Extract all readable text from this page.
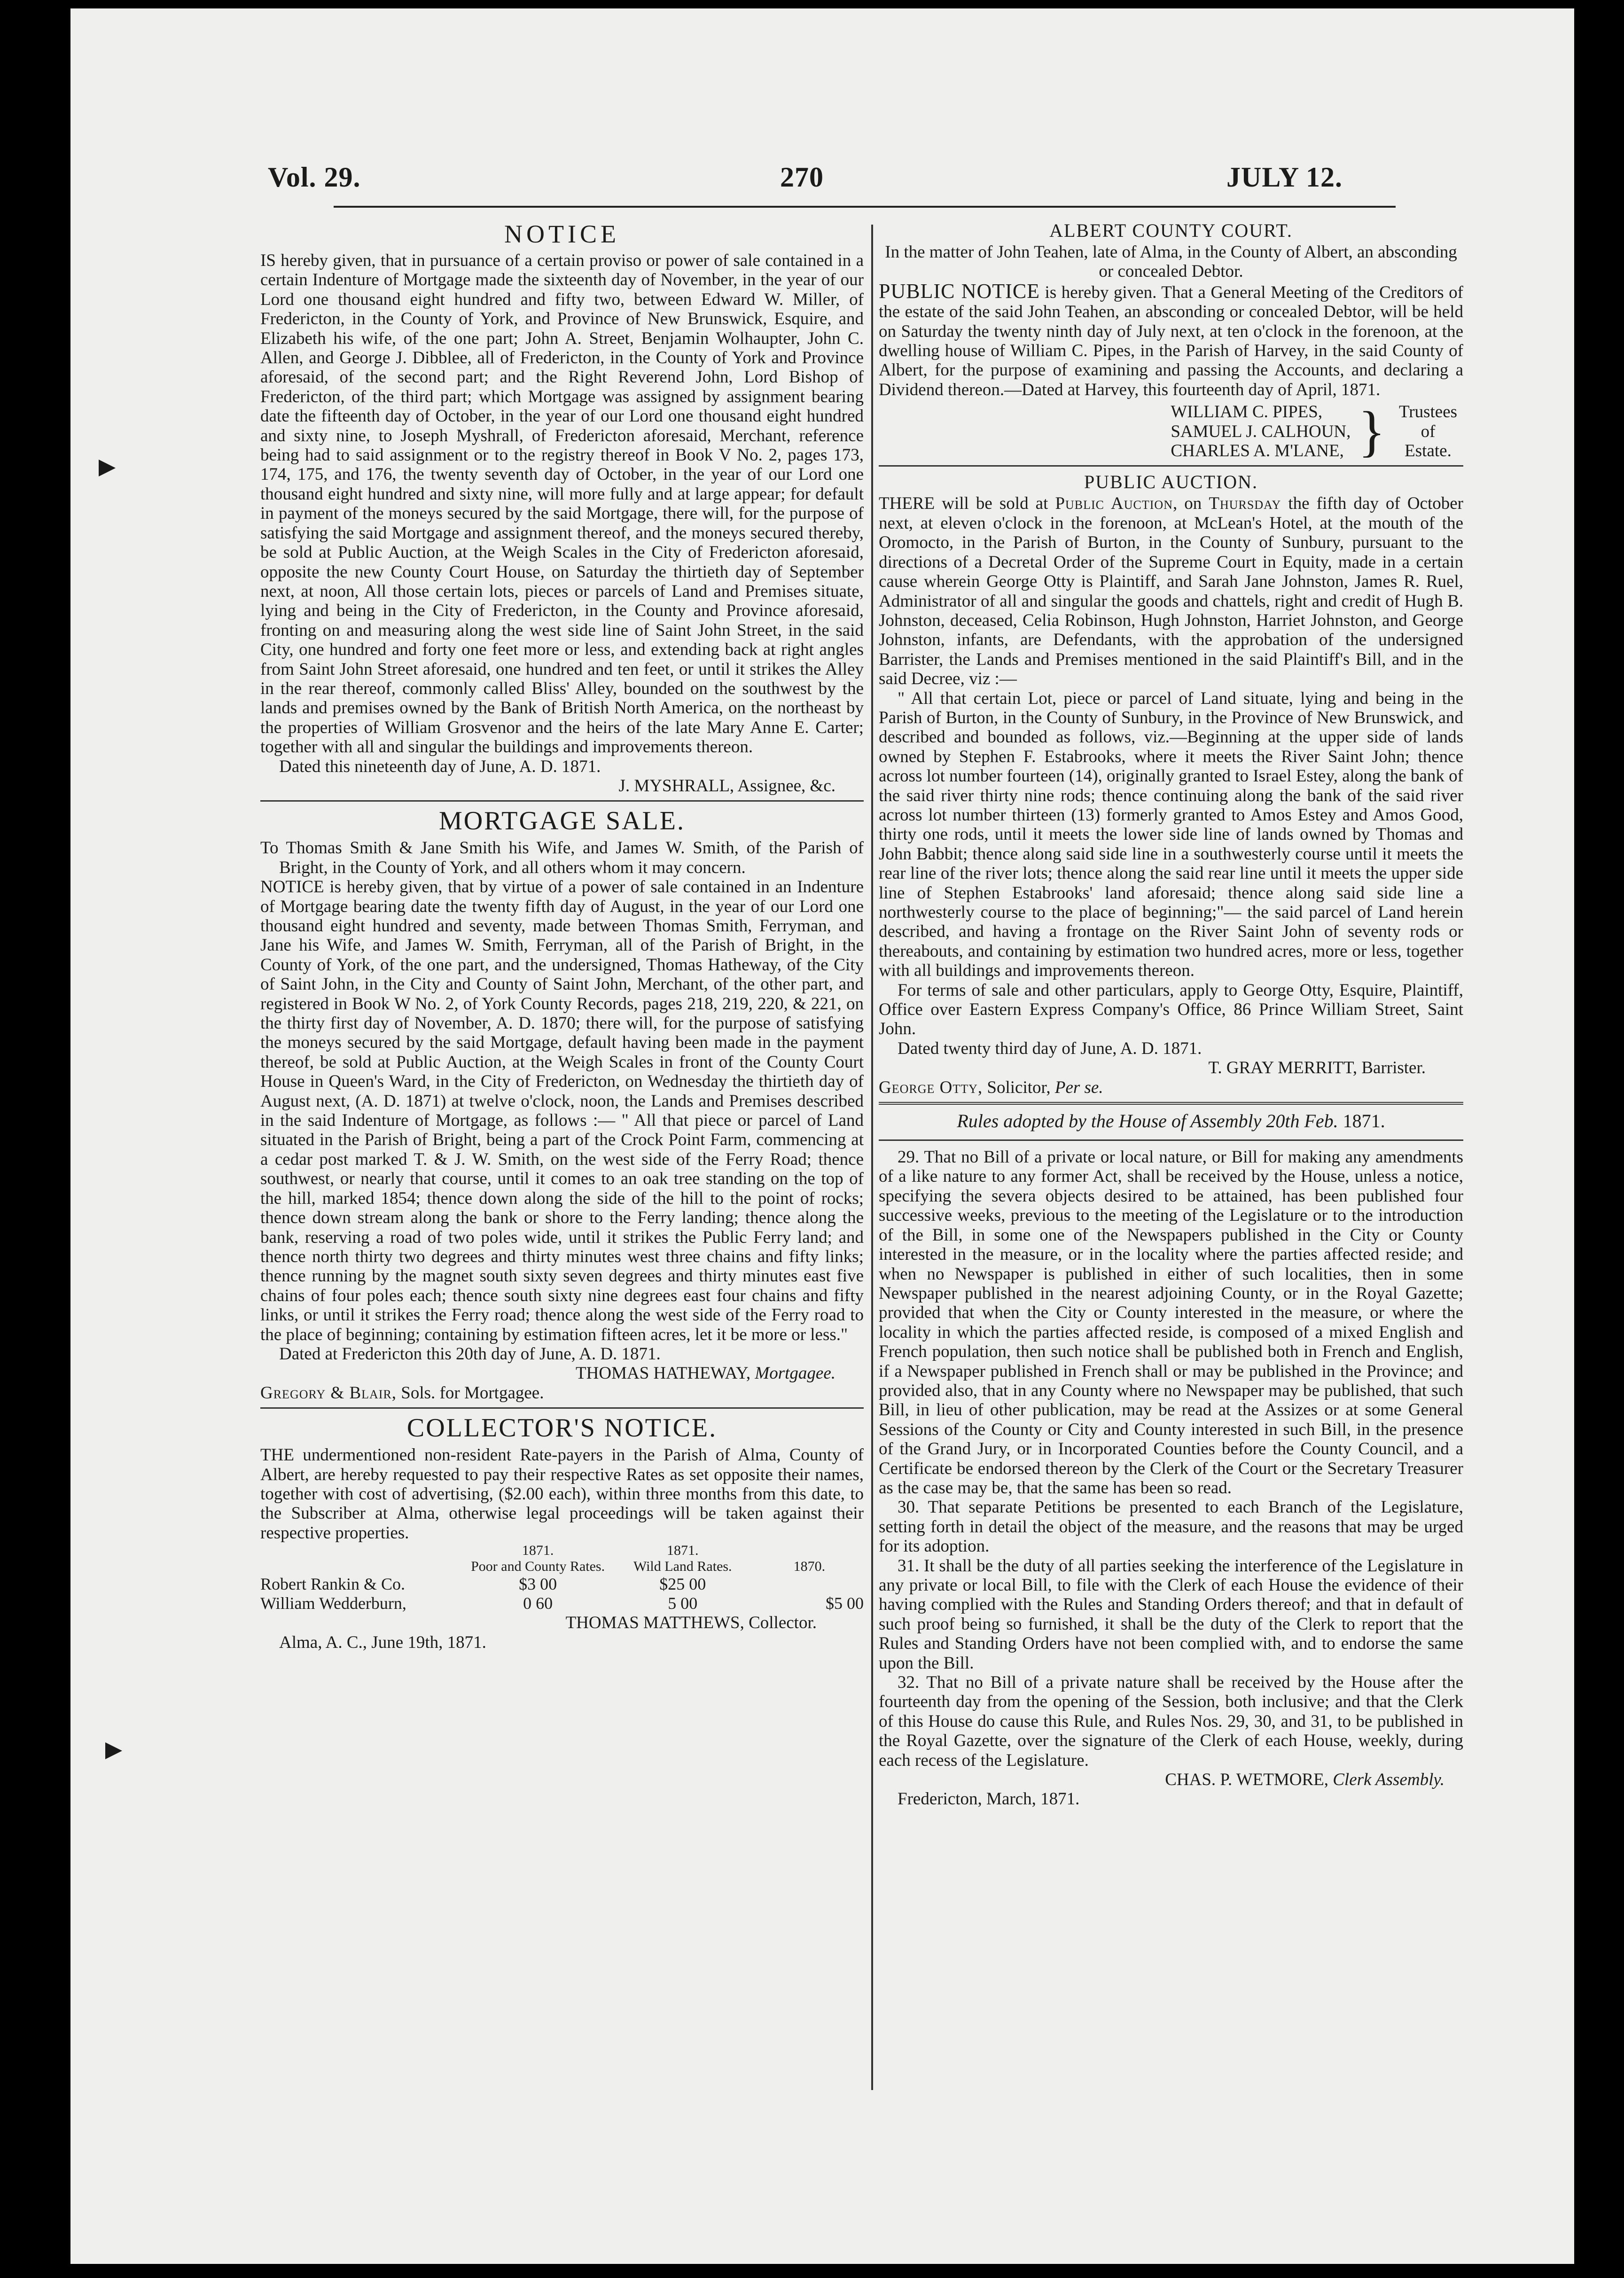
Vol. 29.	270	JULY 12.
NOTICE

IS hereby given, that in pursuance of a certain proviso or power of sale contained in a certain Indenture of Mortgage made the sixteenth day of November, in the year of our Lord one thousand eight hundred and fifty two, between Edward W. Miller, of Fredericton, in the County of York, and Province of New Brunswick, Esquire, and Elizabeth his wife, of the one part; John A. Street, Benjamin Wolhaupter, John C. Allen, and George J. Dibblee, all of Fredericton, in the County of York and Province aforesaid, of the second part; and the Right Reverend John, Lord Bishop of Fredericton, of the third part; which Mortgage was assigned by assignment bearing date the fifteenth day of October, in the year of our Lord one thousand eight hundred and sixty nine, to Joseph Myshrall, of Fredericton aforesaid, Merchant, reference being had to said assignment or to the registry thereof in Book V No. 2, pages 173, 174, 175, and 176, the twenty seventh day of October, in the year of our Lord one thousand eight hundred and sixty nine, will more fully and at large appear; for default in payment of the moneys secured by the said Mortgage, there will, for the purpose of satisfying the said Mortgage and assignment thereof, and the moneys secured thereby, be sold at Public Auction, at the Weigh Scales in the City of Fredericton aforesaid, opposite the new County Court House, on Saturday the thirtieth day of September next, at noon, All those certain lots, pieces or parcels of Land and Premises situate, lying and being in the City of Fredericton, in the County and Province aforesaid, fronting on and measuring along the west side line of Saint John Street, in the said City, one hundred and forty one feet more or less, and extending back at right angles from Saint John Street aforesaid, one hundred and ten feet, or until it strikes the Alley in the rear thereof, commonly called Bliss' Alley, bounded on the southwest by the lands and premises owned by the Bank of British North America, on the northeast by the properties of William Grosvenor and the heirs of the late Mary Anne E. Carter; together with all and singular the buildings and improvements thereon.

Dated this nineteenth day of June, A. D. 1871.

J. MYSHRALL, Assignee, &c.

MORTGAGE SALE.

To Thomas Smith & Jane Smith his Wife, and James W. Smith, of the Parish of Bright, in the County of York, and all others whom it may concern.

NOTICE is hereby given, that by virtue of a power of sale contained in an Indenture of Mortgage bearing date the twenty fifth day of August, in the year of our Lord one thousand eight hundred and seventy, made between Thomas Smith, Ferryman, and Jane his Wife, and James W. Smith, Ferryman, all of the Parish of Bright, in the County of York, of the one part, and the undersigned, Thomas Hatheway, of the City of Saint John, in the City and County of Saint John, Merchant, of the other part, and registered in Book W No. 2, of York County Records, pages 218, 219, 220, & 221, on the thirty first day of November, A. D. 1870; there will, for the purpose of satisfying the moneys secured by the said Mortgage, default having been made in the payment thereof, be sold at Public Auction, at the Weigh Scales in front of the County Court House in Queen's Ward, in the City of Fredericton, on Wednesday the thirtieth day of August next, (A. D. 1871) at twelve o'clock, noon, the Lands and Premises described in the said Indenture of Mortgage, as follows :— " All that piece or parcel of Land situated in the Parish of Bright, being a part of the Crock Point Farm, commencing at a cedar post marked T. & J. W. Smith, on the west side of the Ferry Road; thence southwest, or nearly that course, until it comes to an oak tree standing on the top of the hill, marked 1854; thence down along the side of the hill to the point of rocks; thence down stream along the bank or shore to the Ferry landing; thence along the bank, reserving a road of two poles wide, until it strikes the Public Ferry land; and thence north thirty two degrees and thirty minutes west three chains and fifty links; thence running by the magnet south sixty seven degrees and thirty minutes east five chains of four poles each; thence south sixty nine degrees east four chains and fifty links, or until it strikes the Ferry road; thence along the west side of the Ferry road to the place of beginning; containing by estimation fifteen acres, let it be more or less."

Dated at Fredericton this 20th day of June, A. D. 1871.

THOMAS HATHEWAY, Mortgagee.

Gregory & Blair, Sols. for Mortgagee.

COLLECTOR'S NOTICE.

THE undermentioned non-resident Rate-payers in the Parish of Alma, County of Albert, are hereby requested to pay their respective Rates as set opposite their names, together with cost of advertising, ($2.00 each), within three months from this date, to the Subscriber at Alma, otherwise legal proceedings will be taken against their respective properties.

	1871.	1871.	
	Poor and County Rates.	Wild Land Rates.	1870.
Robert Rankin & Co.	$3 00	$25 00	
William Wedderburn,	0 60	5 00	$5 00

THOMAS MATTHEWS, Collector.

Alma, A. C., June 19th, 1871.

ALBERT COUNTY COURT.

In the matter of John Teahen, late of Alma, in the County of Albert, an absconding or concealed Debtor.

PUBLIC NOTICE is hereby given. That a General Meeting of the Creditors of the estate of the said John Teahen, an absconding or concealed Debtor, will be held on Saturday the twenty ninth day of July next, at ten o'clock in the forenoon, at the dwelling house of William C. Pipes, in the Parish of Harvey, in the said County of Albert, for the purpose of examining and passing the Accounts, and declaring a Dividend thereon.—Dated at Harvey, this fourteenth day of April, 1871.

WILLIAM C. PIPES,
SAMUEL J. CALHOUN,
CHARLES A. M'LANE, } Trustees
of
Estate.
PUBLIC AUCTION.

THERE will be sold at Public Auction, on Thursday the fifth day of October next, at eleven o'clock in the forenoon, at McLean's Hotel, at the mouth of the Oromocto, in the Parish of Burton, in the County of Sunbury, pursuant to the directions of a Decretal Order of the Supreme Court in Equity, made in a certain cause wherein George Otty is Plaintiff, and Sarah Jane Johnston, James R. Ruel, Administrator of all and singular the goods and chattels, right and credit of Hugh B. Johnston, deceased, Celia Robinson, Hugh Johnston, Harriet Johnston, and George Johnston, infants, are Defendants, with the approbation of the undersigned Barrister, the Lands and Premises mentioned in the said Plaintiff's Bill, and in the said Decree, viz :—

" All that certain Lot, piece or parcel of Land situate, lying and being in the Parish of Burton, in the County of Sunbury, in the Province of New Brunswick, and described and bounded as follows, viz.—Beginning at the upper side of lands owned by Stephen F. Estabrooks, where it meets the River Saint John; thence across lot number fourteen (14), originally granted to Israel Estey, along the bank of the said river thirty nine rods; thence continuing along the bank of the said river across lot number thirteen (13) formerly granted to Amos Estey and Amos Good, thirty one rods, until it meets the lower side line of lands owned by Thomas and John Babbit; thence along said side line in a southwesterly course until it meets the rear line of the river lots; thence along the said rear line until it meets the upper side line of Stephen Estabrooks' land aforesaid; thence along said side line a northwesterly course to the place of beginning;"— the said parcel of Land herein described, and having a frontage on the River Saint John of seventy rods or thereabouts, and containing by estimation two hundred acres, more or less, together with all buildings and improvements thereon.

For terms of sale and other particulars, apply to George Otty, Esquire, Plaintiff, Office over Eastern Express Company's Office, 86 Prince William Street, Saint John.

Dated twenty third day of June, A. D. 1871.

T. GRAY MERRITT, Barrister.

George Otty, Solicitor, Per se.

Rules adopted by the House of Assembly 20th Feb. 1871.

29. That no Bill of a private or local nature, or Bill for making any amendments of a like nature to any former Act, shall be received by the House, unless a notice, specifying the severa objects desired to be attained, has been published four successive weeks, previous to the meeting of the Legislature or to the introduction of the Bill, in some one of the Newspapers published in the City or County interested in the measure, or in the locality where the parties affected reside; and when no Newspaper is published in either of such localities, then in some Newspaper published in the nearest adjoining County, or in the Royal Gazette; provided that when the City or County interested in the measure, or where the locality in which the parties affected reside, is composed of a mixed English and French population, then such notice shall be published both in French and English, if a Newspaper published in French shall or may be published in the Province; and provided also, that in any County where no Newspaper may be published, that such Bill, in lieu of other publication, may be read at the Assizes or at some General Sessions of the County or City and County interested in such Bill, in the presence of the Grand Jury, or in Incorporated Counties before the County Council, and a Certificate be endorsed thereon by the Clerk of the Court or the Secretary Treasurer as the case may be, that the same has been so read.

30. That separate Petitions be presented to each Branch of the Legislature, setting forth in detail the object of the measure, and the reasons that may be urged for its adoption.

31. It shall be the duty of all parties seeking the interference of the Legislature in any private or local Bill, to file with the Clerk of each House the evidence of their having complied with the Rules and Standing Orders thereof; and that in default of such proof being so furnished, it shall be the duty of the Clerk to report that the Rules and Standing Orders have not been complied with, and to endorse the same upon the Bill.

32. That no Bill of a private nature shall be received by the House after the fourteenth day from the opening of the Session, both inclusive; and that the Clerk of this House do cause this Rule, and Rules Nos. 29, 30, and 31, to be published in the Royal Gazette, over the signature of the Clerk of each House, weekly, during each recess of the Legislature.

CHAS. P. WETMORE, Clerk Assembly.

Fredericton, March, 1871.
